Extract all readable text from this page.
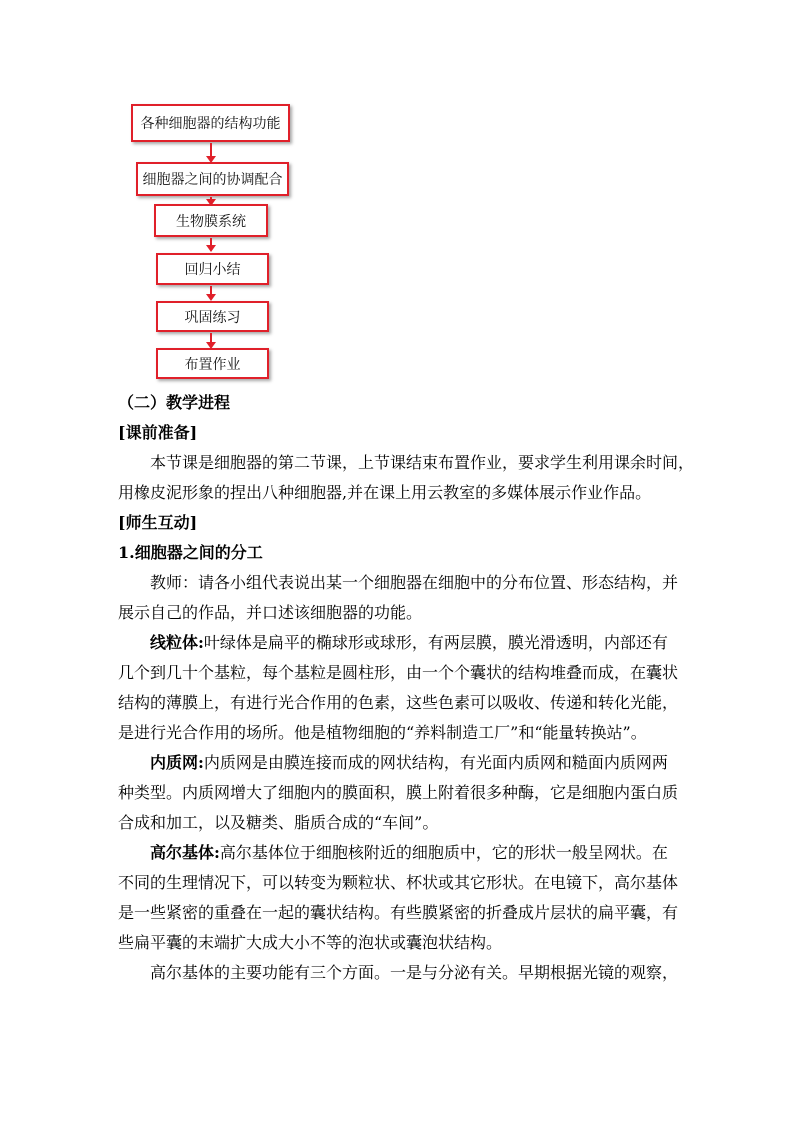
各种细胞器的结构功能
细胞器之间的协调配合
生物膜系统
回归小结
巩固练习
布置作业
（二）教学进程
[课前准备]
本节课是细胞器的第二节课，上节课结束布置作业，要求学生利用课余时间，
用橡皮泥形象的捏出八种细胞器,并在课上用云教室的多媒体展示作业作品。
[师生互动]
1.细胞器之间的分工
教师：请各小组代表说出某一个细胞器在细胞中的分布位置、形态结构，并
展示自己的作品，并口述该细胞器的功能。
线粒体:叶绿体是扁平的椭球形或球形，有两层膜，膜光滑透明，内部还有
几个到几十个基粒，每个基粒是圆柱形，由一个个囊状的结构堆叠而成，在囊状
结构的薄膜上，有进行光合作用的色素，这些色素可以吸收、传递和转化光能，
是进行光合作用的场所。他是植物细胞的“养料制造工厂”和“能量转换站”。
内质网:内质网是由膜连接而成的网状结构，有光面内质网和糙面内质网两
种类型。内质网增大了细胞内的膜面积，膜上附着很多种酶，它是细胞内蛋白质
合成和加工，以及糖类、脂质合成的“车间”。
高尔基体:高尔基体位于细胞核附近的细胞质中，它的形状一般呈网状。在
不同的生理情况下，可以转变为颗粒状、杯状或其它形状。在电镜下，高尔基体
是一些紧密的重叠在一起的囊状结构。有些膜紧密的折叠成片层状的扁平囊，有
些扁平囊的末端扩大成大小不等的泡状或囊泡状结构。
高尔基体的主要功能有三个方面。一是与分泌有关。早期根据光镜的观察，
